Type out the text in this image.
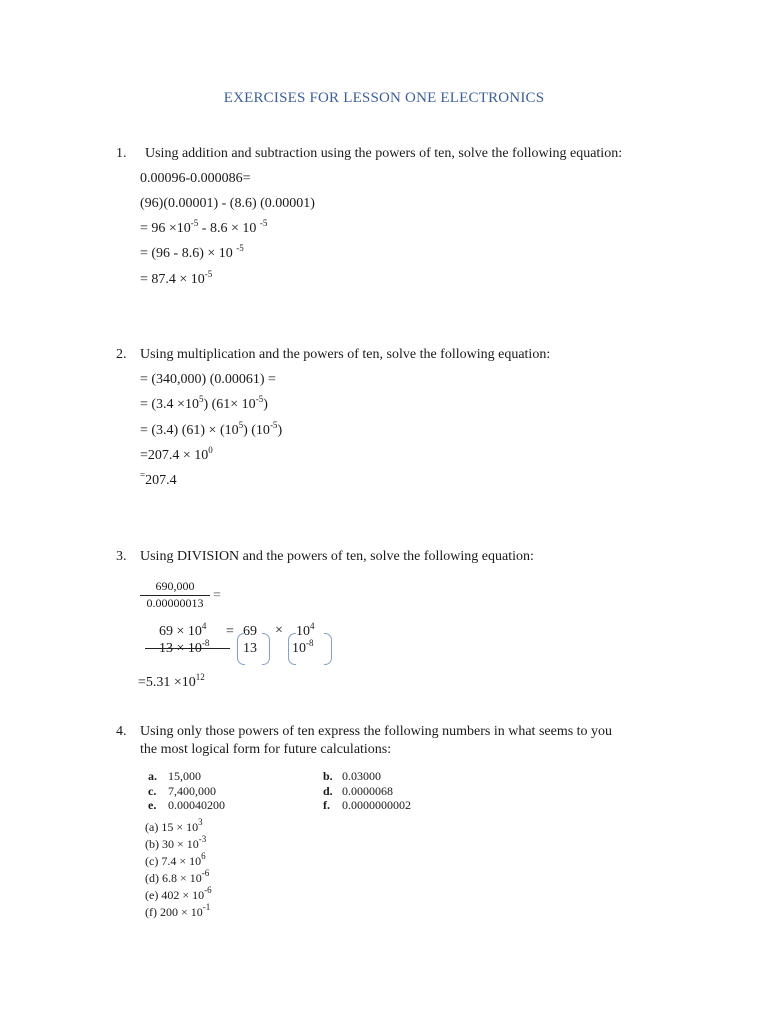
EXERCISES FOR LESSON ONE ELECTRONICS
1. Using addition and subtraction using the powers of ten, solve the following equation:
0.00096-0.000086=
(96)(0.00001) - (8.6) (0.00001)
= $96 \times 10^{-5} - 8.6 \times 10$ $^{-5}$
= (96 - 8.6) × 10 $^{-5}$
= $87.4 \times 10^{-5}$
2. Using multiplication and the powers of ten, solve the following equation:
= (340,000) (0.00061) =
= $(3.4 \times 10^5)$ $(61\times 10^{-5})$
= (3.4) $(61) \times (10^5)$ $(10^{-5})$
$=207.4 \times 10^0$
=207.4
3. Using DIVISION and the powers of ten, solve the following equation:
690,000
0.00000013 =
$69 \times 10^4 = 69 \times 10^4$
$13 \times 10^{-8}$ 13	$10^{-8}$
$=5.31 \times 10^{12}$
4. Using only those powers of ten express the following numbers in what seems to you
the most logical form for future calculations:
a. 15,000	b. 0.03000
c. 7,400,000	d. 0.0000068
e. 0.00040200	f. 0.0000000002
(a) $15 \times 10^3$
(b) $30 \times 10^{-3}$
(c) $7.4 \times 10^6$
(d) $6.8 \times 10^{-6}$
(e) $402 \times 10^{-6}$
(f) $200 \times 10^{-1}$
